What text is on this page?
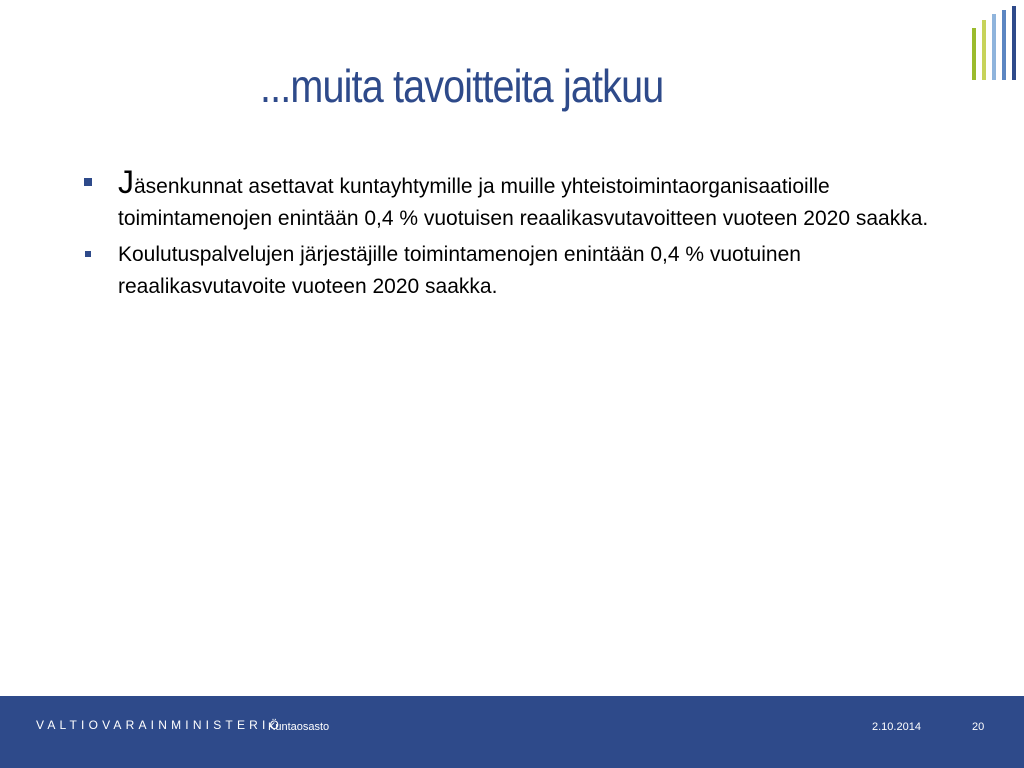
...muita tavoitteita jatkuu
Jäsenkunnat asettavat kuntayhtymille ja muille yhteistoimintaorganisaatioille toimintamenojen enintään 0,4 % vuotuisen reaalikasvutavoitteen vuoteen 2020 saakka.
Koulutuspalvelujen järjestäjille toimintamenojen enintään 0,4 % vuotuinen reaalikasvutavoite vuoteen 2020 saakka.
VALTIOVARAINMINISTERIÖ
Kuntaosasto	2.10.2014	20
